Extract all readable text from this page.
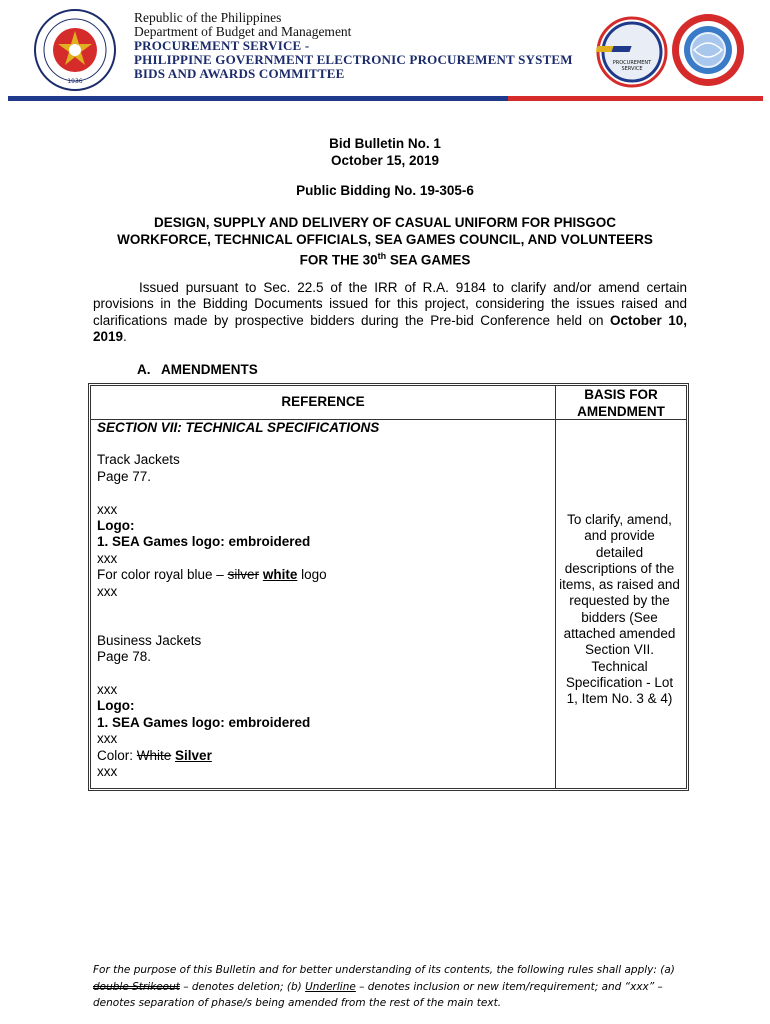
1936
Republic of the Philippines
Department of Budget and Management
PROCUREMENT SERVICE -
PHILIPPINE GOVERNMENT ELECTRONIC PROCUREMENT SYSTEM
BIDS AND AWARDS COMMITTEE
PROCUREMENT
SERVICE
Bid Bulletin No. 1
October 15, 2019
Public Bidding No. 19-305-6
DESIGN, SUPPLY AND DELIVERY OF CASUAL UNIFORM FOR PHISGOC
WORKFORCE, TECHNICAL OFFICIALS, SEA GAMES COUNCIL, AND VOLUNTEERS
FOR THE 30th SEA GAMES
Issued pursuant to Sec. 22.5 of the IRR of R.A. 9184 to clarify and/or amend certain provisions in the Bidding Documents issued for this project, considering the issues raised and clarifications made by prospective bidders during the Pre-bid Conference held on October 10, 2019.
A. AMENDMENTS
REFERENCE	BASIS FOR AMENDMENT

SECTION VII: TECHNICAL SPECIFICATIONS

Track Jackets

Page 77.

xxx

Logo:

1. SEA Games logo: embroidered

xxx

For color royal blue – silver white logo

xxx

Business Jackets

Page 78.

xxx

Logo:

1. SEA Games logo: embroidered

xxx

Color: White Silver

xxx

To clarify, amend, and provide detailed descriptions of the items, as raised and requested by the bidders (See attached amended Section VII. Technical Specification - Lot 1, Item No. 3 & 4)
For the purpose of this Bulletin and for better understanding of its contents, the following rules shall apply: (a) double Strikeout – denotes deletion; (b) Underline – denotes inclusion or new item/requirement; and “xxx” – denotes separation of phase/s being amended from the rest of the main text.
